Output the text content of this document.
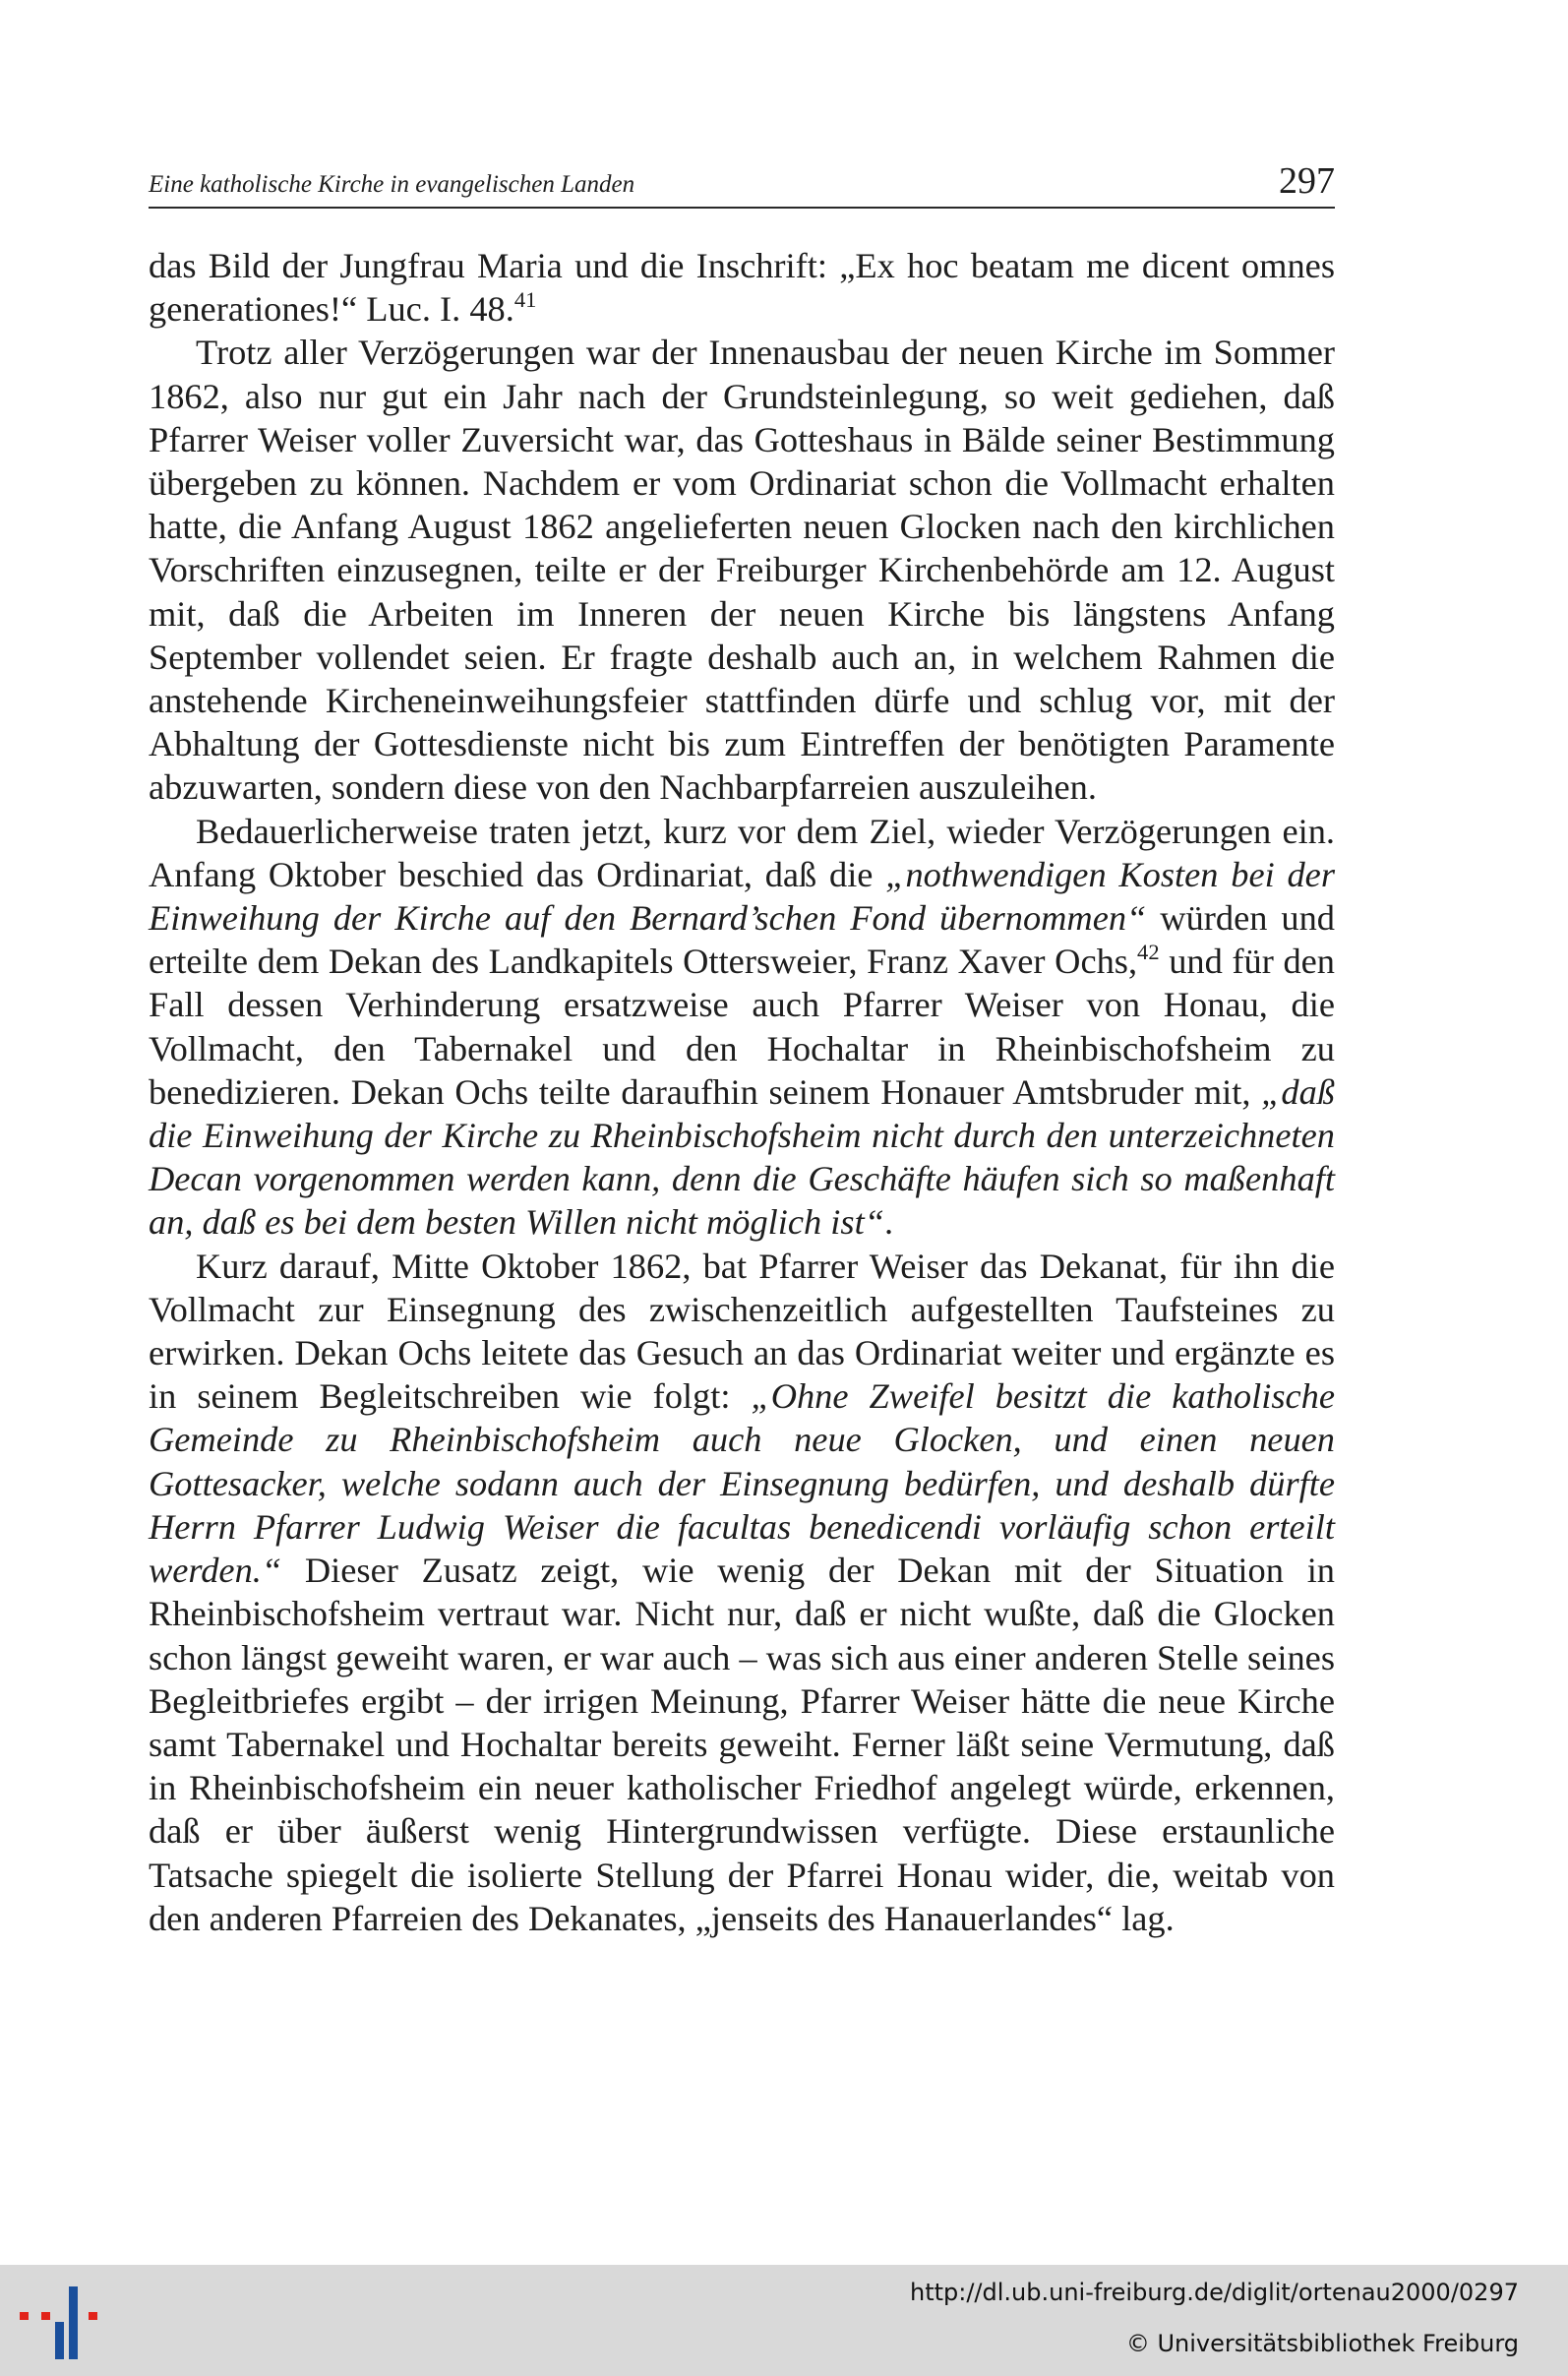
Eine katholische Kirche in evangelischen Landen	297

das Bild der Jungfrau Maria und die Inschrift: „Ex hoc beatam me dicent omnes generationes!“ Luc. I. 48.41

Trotz aller Verzögerungen war der Innenausbau der neuen Kirche im Sommer 1862, also nur gut ein Jahr nach der Grundsteinlegung, so weit gediehen, daß Pfarrer Weiser voller Zuversicht war, das Gotteshaus in Bälde seiner Bestimmung übergeben zu können. Nachdem er vom Ordinariat schon die Vollmacht erhalten hatte, die Anfang August 1862 angelieferten neuen Glocken nach den kirchlichen Vorschriften einzusegnen, teilte er der Freiburger Kirchenbehörde am 12. August mit, daß die Arbeiten im Inneren der neuen Kirche bis längstens Anfang September vollendet seien. Er fragte deshalb auch an, in welchem Rahmen die anstehende Kircheneinweihungsfeier stattfinden dürfe und schlug vor, mit der Abhaltung der Gottesdienste nicht bis zum Eintreffen der benötigten Paramente abzuwarten, sondern diese von den Nachbarpfarreien auszuleihen.

Bedauerlicherweise traten jetzt, kurz vor dem Ziel, wieder Verzögerungen ein. Anfang Oktober beschied das Ordinariat, daß die „nothwendigen Kosten bei der Einweihung der Kirche auf den Bernard’schen Fond übernommen“ würden und erteilte dem Dekan des Landkapitels Ottersweier, Franz Xaver Ochs,$^{42}$ und für den Fall dessen Verhinderung ersatzweise auch Pfarrer Weiser von Honau, die Vollmacht, den Tabernakel und den Hochaltar in Rheinbischofsheim zu benedizieren. Dekan Ochs teilte daraufhin seinem Honauer Amtsbruder mit, „daß die Einweihung der Kirche zu Rheinbischofsheim nicht durch den unterzeichneten Decan vorgenommen werden kann, denn die Geschäfte häufen sich so maßenhaft an, daß es bei dem besten Willen nicht möglich ist“.

Kurz darauf, Mitte Oktober 1862, bat Pfarrer Weiser das Dekanat, für ihn die Vollmacht zur Einsegnung des zwischenzeitlich aufgestellten Taufsteines zu erwirken. Dekan Ochs leitete das Gesuch an das Ordinariat weiter und ergänzte es in seinem Begleitschreiben wie folgt: „Ohne Zweifel besitzt die katholische Gemeinde zu Rheinbischofsheim auch neue Glocken, und einen neuen Gottesacker, welche sodann auch der Einsegnung bedürfen, und deshalb dürfte Herrn Pfarrer Ludwig Weiser die facultas benedicendi vorläufig schon erteilt werden.“ Dieser Zusatz zeigt, wie wenig der Dekan mit der Situation in Rheinbischofsheim vertraut war. Nicht nur, daß er nicht wußte, daß die Glocken schon längst geweiht waren, er war auch – was sich aus einer anderen Stelle seines Begleitbriefes ergibt – der irrigen Meinung, Pfarrer Weiser hätte die neue Kirche samt Tabernakel und Hochaltar bereits geweiht. Ferner läßt seine Vermutung, daß in Rheinbischofsheim ein neuer katholischer Friedhof angelegt würde, erkennen, daß er über äußerst wenig Hintergrundwissen verfügte. Diese erstaunliche Tatsache spiegelt die isolierte Stellung der Pfarrei Honau wider, die, weitab von den anderen Pfarreien des Dekanates, „jenseits des Hanauerlandes“ lag.

http://dl.ub.uni-freiburg.de/diglit/ortenau2000/0297
© Universitätsbibliothek Freiburg
